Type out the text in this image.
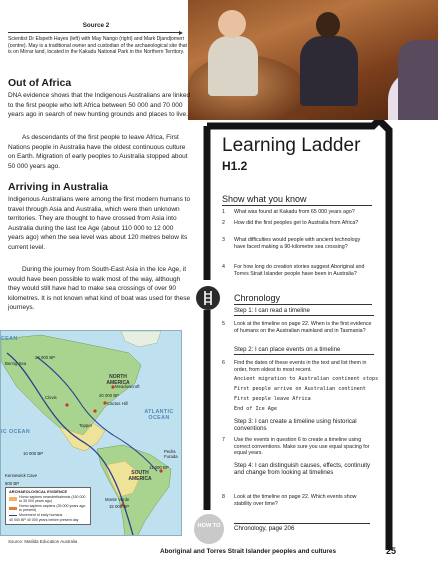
Source 2
Scientist Dr Elspeth Hayes (left) with May Nango (right) and Mark Djandjomerr (centre). May is a traditional owner and custodian of the archaeological site that is on Mirrar land, located in the Kakadu National Park in the Northern Territory.
Out of Africa
DNA evidence shows that the Indigenous Australians are linked to the first people who left Africa between 50 000 and 70 000 years ago in search of new hunting grounds and places to live.
As descendants of the first people to leave Africa, First Nations people in Australia have the oldest continuous culture on Earth. Migration of early peoples to Australia stopped about 50 000 years ago.
Arriving in Australia
Indigenous Australians were among the first modern humans to travel through Asia and Australia, which were then unknown territories. They are thought to have crossed from Asia into Australia during the last Ice Age (about 110 000 to 12 000 years ago) when the sea level was about 120 metres below its current level.
During the journey from South-East Asia in the Ice Age, it would have been possible to walk most of the way, although they would still have had to make sea crossings of over 90 kilometres. It is not known what kind of boat was used for these journeys.
CEAN
24 000 BP
Bering Sea
Meadowcroft
NORTH AMERICA
Clovis	20 000 BP
Cactus Hill
Topper
ATLANTIC OCEAN
IC OCEAN
Pedra Furada
11 000 BP
SOUTH AMERICA
Kennewick Cave
500 BP
Monte Verde
15 000 BP
10 000 BP
ARCHAEOLOGICAL EVIDENCE
Homo sapiens neanderthalensis (150 000 to 35 000 years ago)
Homo sapiens sapiens (35 000 years ago to present)
Movement of early humans
40 000 BP 40 000 years before present day
Source: Matilda Education Australia
Learning Ladder H1.2
Show what you know
1 What was found at Kakadu from 65 000 years ago?
2 How did the first peoples get to Australia from Africa?
3 What difficulties would people with ancient technology have faced making a 90-kilometre sea crossing?
4 For how long do creation stories suggest Aboriginal and Torres Strait Islander people have been in Australia?
Chronology
Step 1: I can read a timeline
5 Look at the timeline on page 22. When is the first evidence of humans on the Australian mainland and in Tasmania?
Step 2: I can place events on a timeline
6 Find the dates of these events in the text and list them in order, from oldest to most recent.
Ancient migration to Australian continent stops
First people arrive on Australian continent
First people leave Africa
End of Ice Age
Step 3: I can create a timeline using historical conventions
7 Use the events in question 6 to create a timeline using correct conventions. Make sure you use equal spacing for equal years.
Step 4: I can distinguish causes, effects, continuity and change from looking at timelines
8 Look at the timeline on page 22. Which events show stability over time?
Chronology, page 206
HOW TO
Aboriginal and Torres Strait Islander peoples and cultures	25
